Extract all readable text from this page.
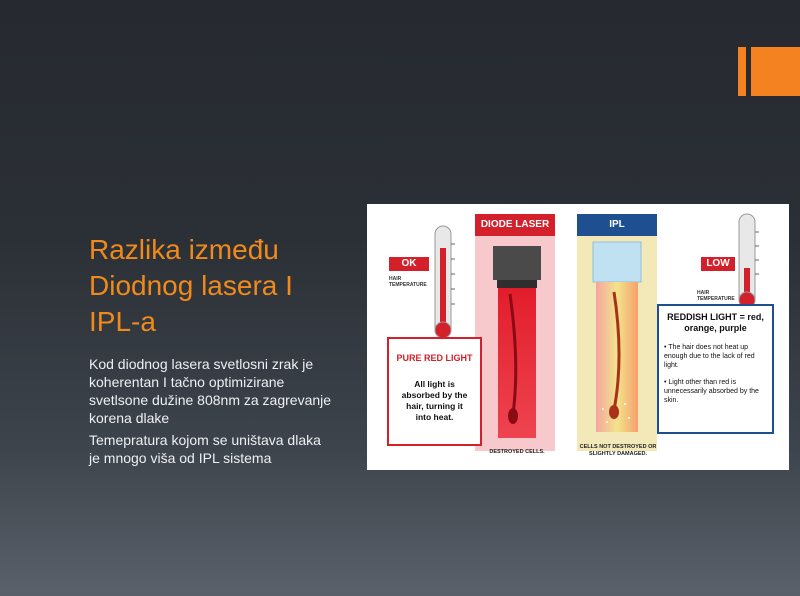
Razlika između
Diodnog lasera I
IPL-a

Kod diodnog lasera svetlosni zrak je koherentan I tačno optimizirane svetlsone dužine 808nm za zagrevanje korena dlake

Temepratura kojom se uništava dlaka je mnogo viša od IPL sistema

OK
HAIR TEMPERATURE
DIODE LASER	IPL
LOW
HAIR TEMPERATURE
PURE RED LIGHT
All light is
absorbed by the
hair, turning it
into heat.
REDDISH LIGHT = red, orange, purple
• The hair does not heat up enough due to the lack of red light.
• Light other than red is unnecessarily absorbed by the skin.
DESTROYED CELLS.
CELLS NOT DESTROYED OR SLIGHTLY DAMAGED.
